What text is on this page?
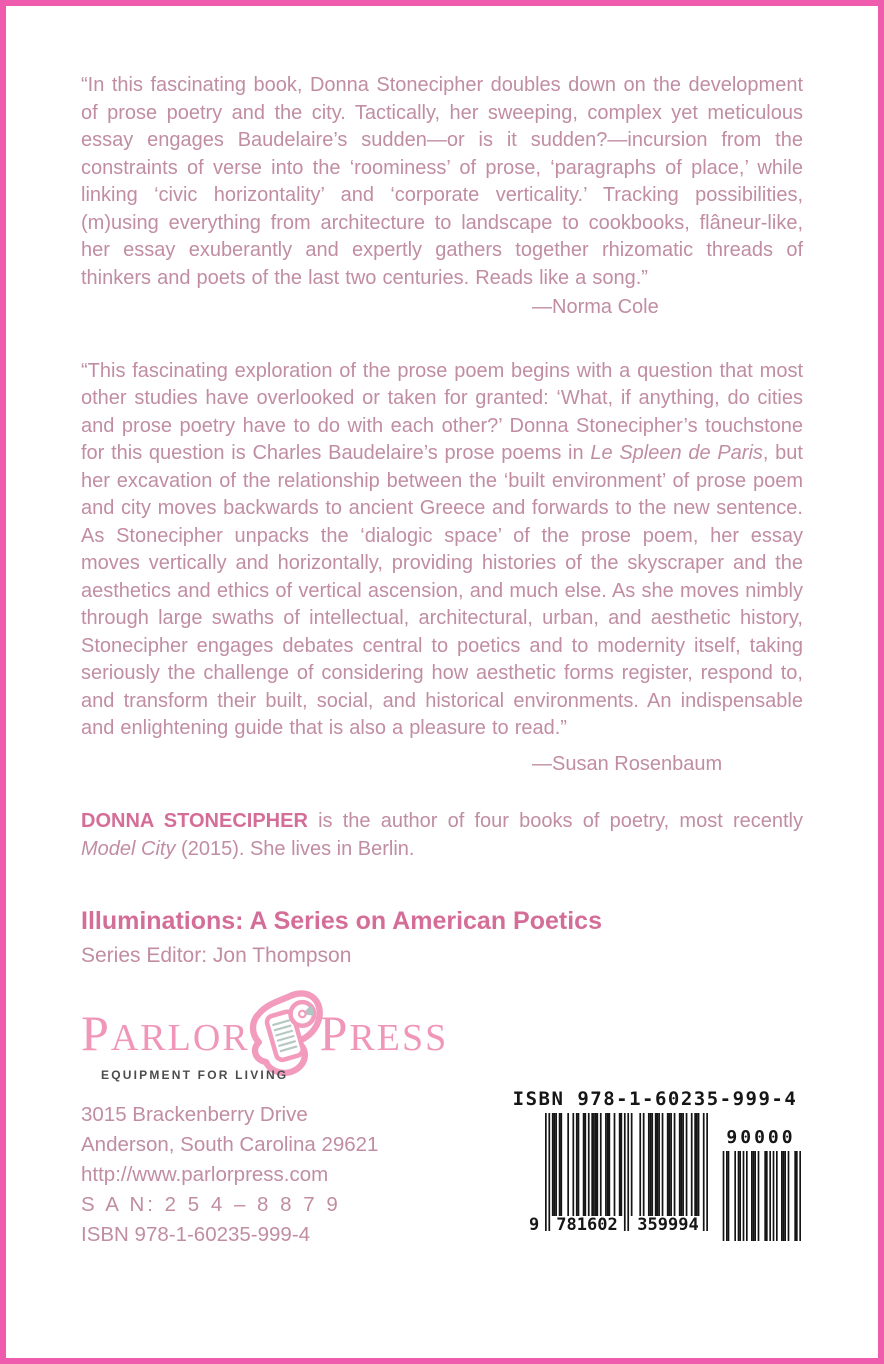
“In this fascinating book, Donna Stonecipher doubles down on the development of prose poetry and the city. Tactically, her sweeping, complex yet meticulous essay engages Baudelaire’s sudden—or is it sudden?—incursion from the constraints of verse into the ‘roominess’ of prose, ‘paragraphs of place,’ while linking ‘civic horizontality’ and ‘corporate verticality.’ Tracking possibilities, (m)using everything from architecture to landscape to cookbooks, flâneur-like, her essay exuberantly and expertly gathers together rhizomatic threads of thinkers and poets of the last two centuries. Reads like a song.”
—Norma Cole
“This fascinating exploration of the prose poem begins with a question that most other studies have overlooked or taken for granted: ‘What, if anything, do cities and prose poetry have to do with each other?’ Donna Stonecipher’s touchstone for this question is Charles Baudelaire’s prose poems in Le Spleen de Paris, but her excavation of the relationship between the ‘built environment’ of prose poem and city moves backwards to ancient Greece and forwards to the new sentence. As Stonecipher unpacks the ‘dialogic space’ of the prose poem, her essay moves vertically and horizontally, providing histories of the skyscraper and the aesthetics and ethics of vertical ascension, and much else. As she moves nimbly through large swaths of intellectual, architectural, urban, and aesthetic history, Stonecipher engages debates central to poetics and to modernity itself, taking seriously the challenge of considering how aesthetic forms register, respond to, and transform their built, social, and historical environments. An indispensable and enlightening guide that is also a pleasure to read.”
—Susan Rosenbaum
DONNA STONECIPHER is the author of four books of poetry, most recently Model City (2015). She lives in Berlin.
Illuminations: A Series on American Poetics
Series Editor: Jon Thompson
PARLOR PRESS
EQUIPMENT FOR LIVING
3015 Brackenberry Drive
Anderson, South Carolina 29621
http://www.parlorpress.com
S A N: 2 5 4 – 8 8 7 9
ISBN 978-1-60235-999-4
ISBN 978-1-60235-999-4
9 781602 359994
90000
